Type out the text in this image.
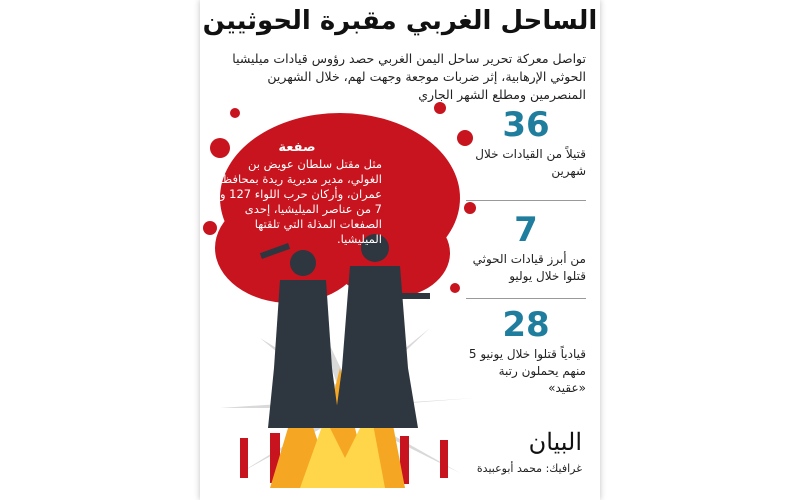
الساحل الغربي مقبرة الحوثيين
تواصل معركة تحرير ساحل اليمن الغربي حصد رؤوس قيادات ميليشيا الحوثي الإرهابية، إثر ضربات موجعة وجهت لهم، خلال الشهرين المنصرمين ومطلع الشهر الجاري
صفعة
مثل مقتل سلطان عويض بن الغولي، مدير مديرية ريدة بمحافظة عمران، وأركان حرب اللواء 127 و 7 من عناصر الميليشيا، إحدى الصفعات المذلة التي تلقتها الميليشيا.
36
قتيلاً من القيادات خلال شهرين
7
من أبرز قيادات الحوثي قتلوا خلال يوليو
28
قيادياً قتلوا خلال يونيو 5 منهم يحملون رتبة «عقيد»
البيان
غرافيك: محمد أبوعبيدة
